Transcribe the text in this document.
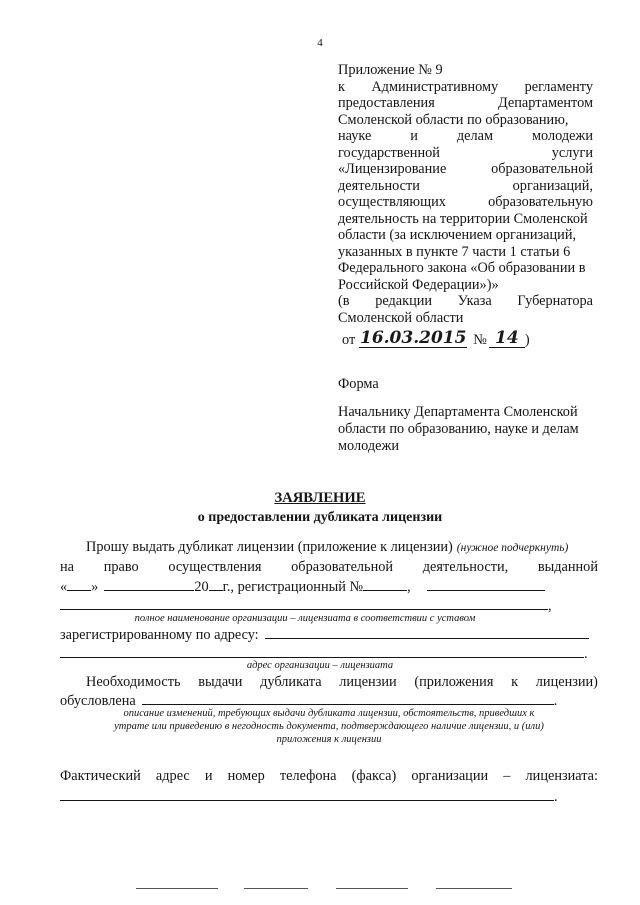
4
Приложение № 9
к Административному регламенту
предоставления	Департаментом
Смоленской области по образованию,
науке	и	делам	молодежи
государственной	услуги
«Лицензирование	образовательной
деятельности	организаций,
осуществляющих	образовательную
деятельность на территории Смоленской
области (за исключением организаций,
указанных в пункте 7 части 1 статьи 6
Федерального закона «Об образовании в
Российской Федерации»)»
(в редакции Указа Губернатора
Смоленской области
от 16.03.2015 № 14 )
Форма
Начальнику Департамента Смоленской
области по образованию, науке и делам
молодежи
ЗАЯВЛЕНИЕ
о предоставлении дубликата лицензии
Прошу выдать дубликат лицензии (приложение к лицензии) (нужное подчеркнуть)
на право осуществления образовательной деятельности, выданной
« »	20 г., регистрационный №	,
,
полное наименование организации – лицензиата в соответствии с уставом
зарегистрированному по адресу:
.
адрес организации – лицензиата
Необходимость выдачи дубликата лицензии (приложения к лицензии)
обусловлена	.
описание изменений, требующих выдачи дубликата лицензии, обстоятельств, приведших к
утрате или приведению в негодность документа, подтверждающего наличие лицензии, и (или)
приложения к лицензии
Фактический адрес и номер телефона (факса) организации – лицензиата:
.
